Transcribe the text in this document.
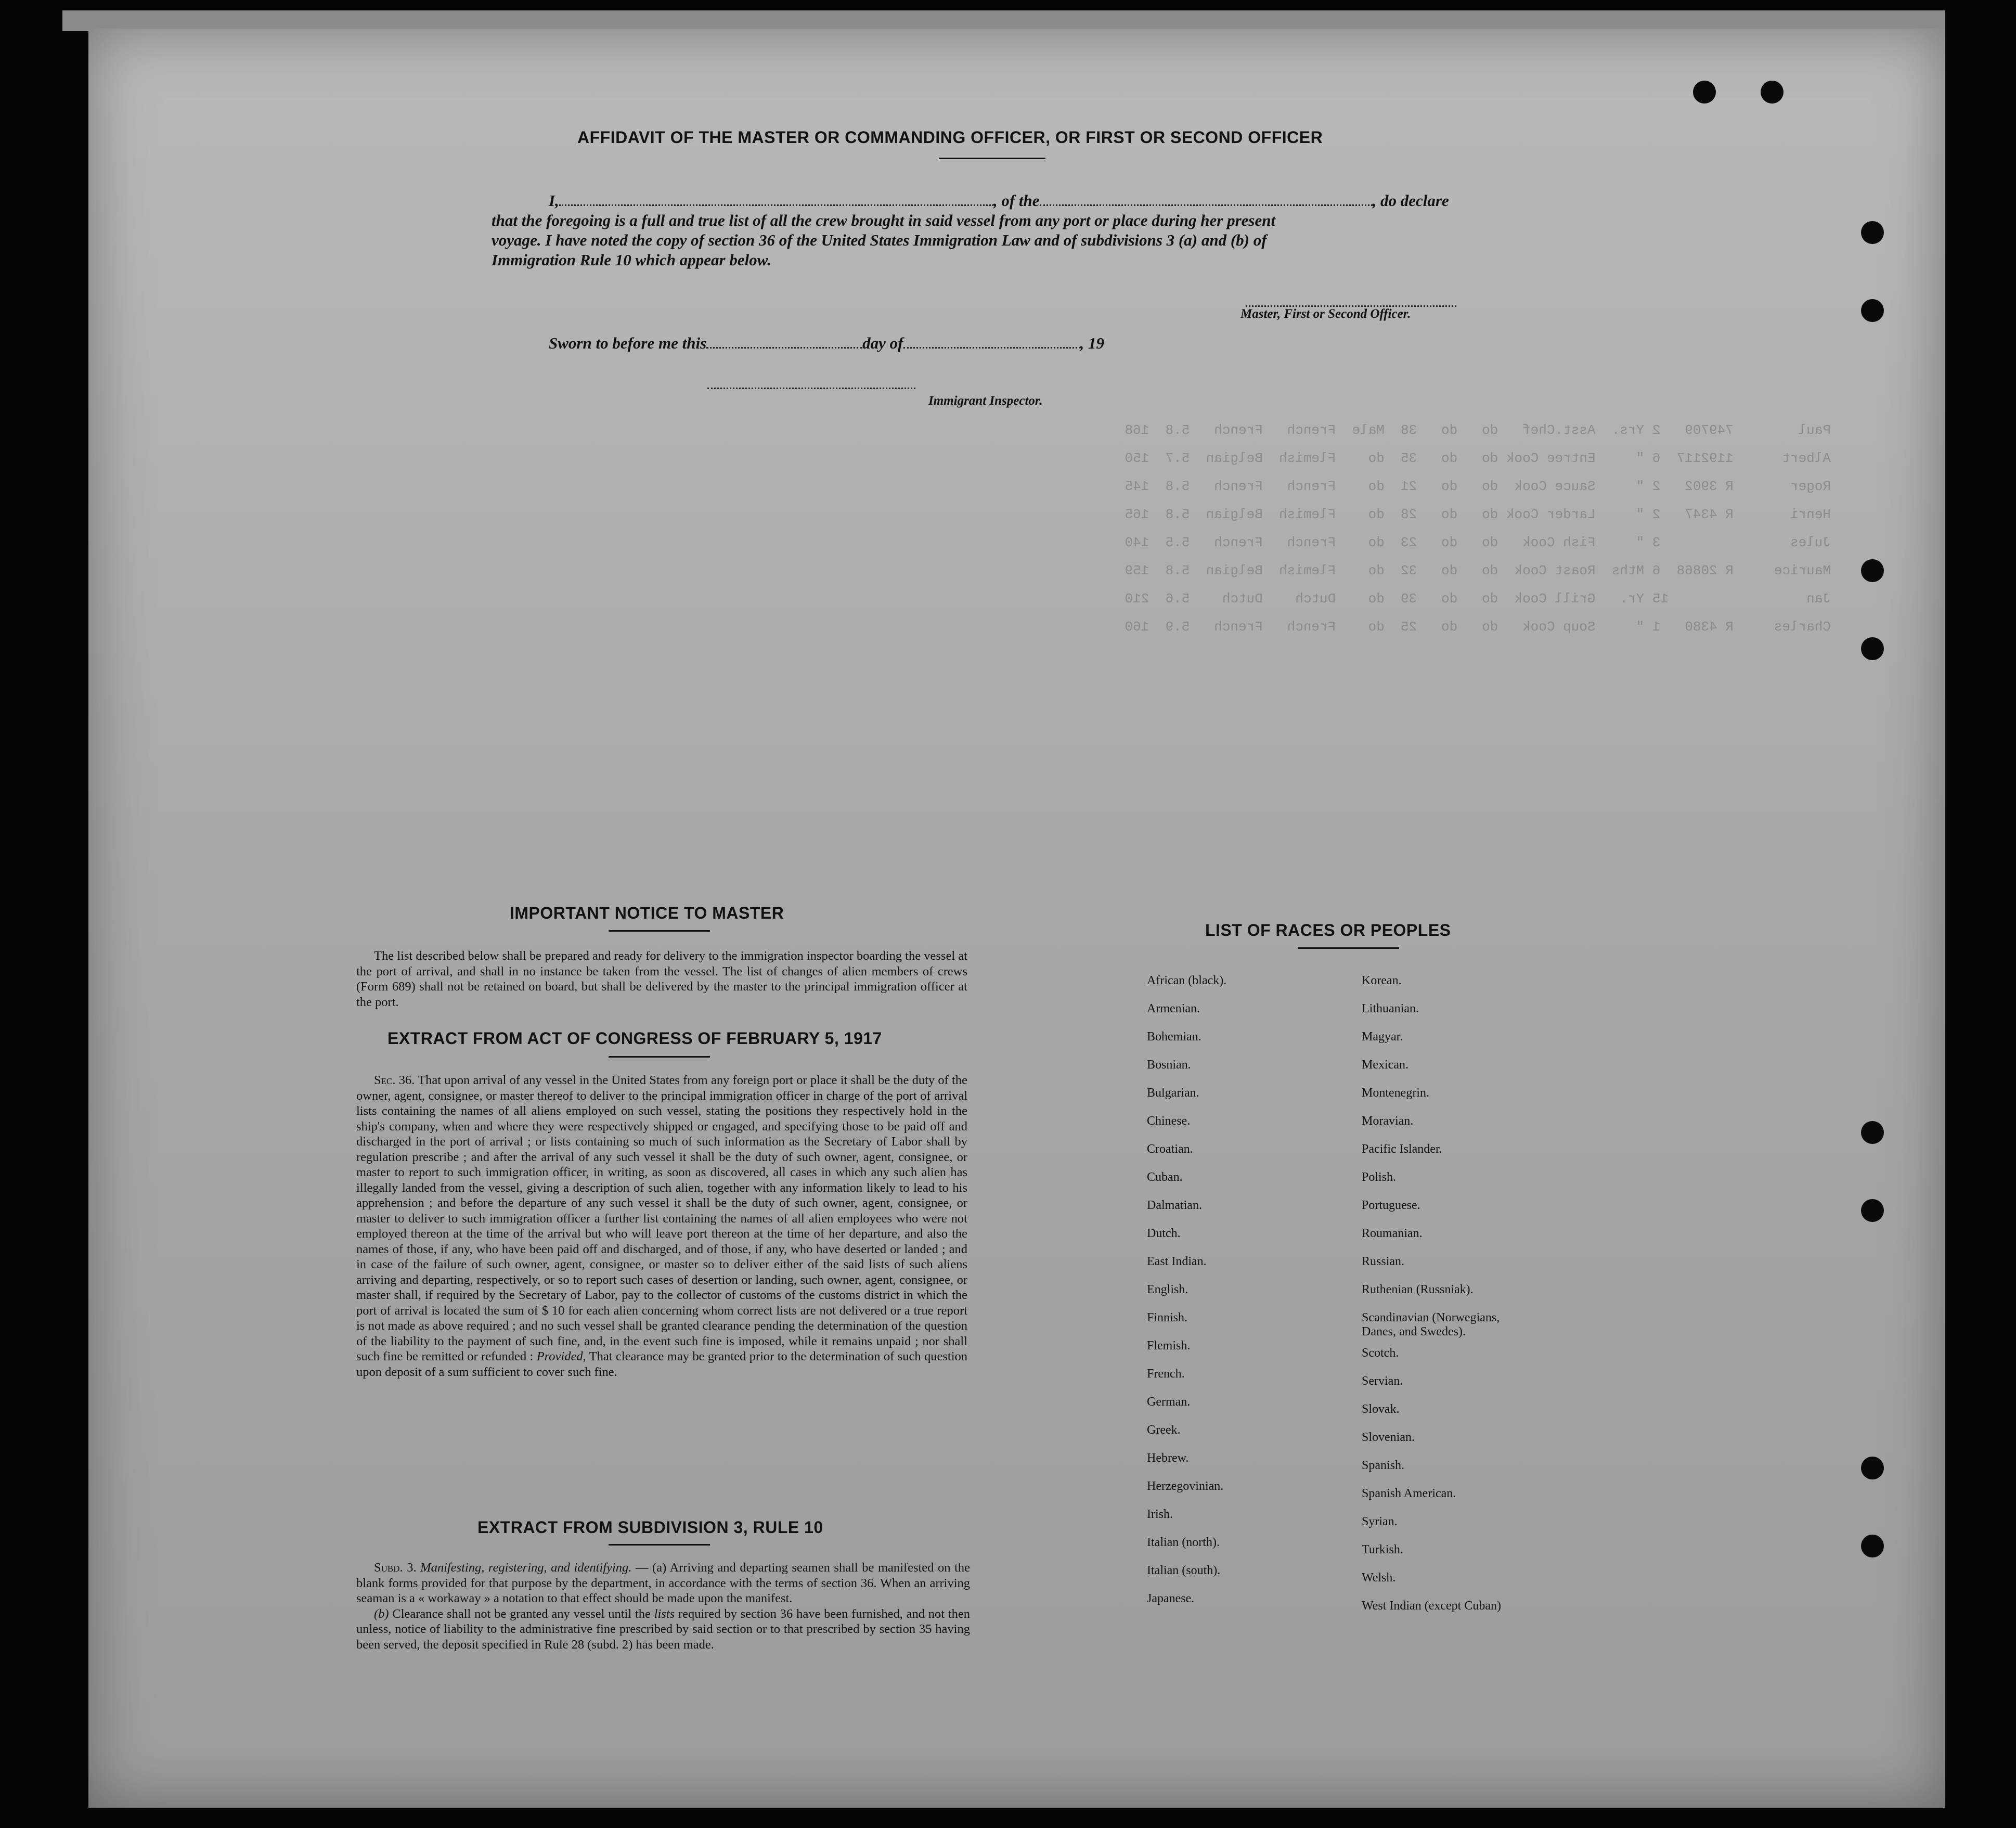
Paul        749709   2 Yrs.  Asst.Chef   do   do   38  Male  French   French   5.8  168
Albert      1192117  6 "     Entree Cook do   do   35  do    Flemish  Belgian  5.7  150
Roger       R 3902   2 "     Sauce Cook  do   do   21  do    French   French   5.8  145
Henri       R 4347   2 "     Larder Cook do   do   28  do    Flemish  Belgian  5.8  165
Jules                3 "     Fish Cook   do   do   23  do    French   French   5.5  140
Maurice     R 20868  6 Mths  Roast Cook  do   do   32  do    Flemish  Belgian  5.8  159
Jan                 15 Yr.   Grill Cook  do   do   39  do    Dutch    Dutch    5.6  210
Charles     R 4380   1 "     Soup Cook   do   do   25  do    French   French   5.9  160
AFFIDAVIT OF THE MASTER OR COMMANDING OFFICER, OR FIRST OR SECOND OFFICER
I,	, of the	, do declare
that the foregoing is a full and true list of all the crew brought in said vessel from any port or place during her present
voyage. I have noted the copy of section 36 of the United States Immigration Law and of subdivisions 3 (a) and (b) of
Immigration Rule 10 which appear below.
Master, First or Second Officer.
Sworn to before me this	day of	, 19
Immigrant Inspector.
IMPORTANT NOTICE TO MASTER
The list described below shall be prepared and ready for delivery to the immigration inspector boarding the vessel at the port of arrival, and shall in no instance be taken from the vessel. The list of changes of alien members of crews (Form 689) shall not be retained on board, but shall be delivered by the master to the principal immigration officer at the port.
EXTRACT FROM ACT OF CONGRESS OF FEBRUARY 5, 1917
Sec. 36. That upon arrival of any vessel in the United States from any foreign port or place it shall be the duty of the owner, agent, consignee, or master thereof to deliver to the principal immigration officer in charge of the port of arrival lists containing the names of all aliens employed on such vessel, stating the positions they respectively hold in the ship's company, when and where they were respectively shipped or engaged, and specifying those to be paid off and discharged in the port of arrival ; or lists containing so much of such information as the Secretary of Labor shall by regulation prescribe ; and after the arrival of any such vessel it shall be the duty of such owner, agent, consignee, or master to report to such immigration officer, in writing, as soon as discovered, all cases in which any such alien has illegally landed from the vessel, giving a description of such alien, together with any information likely to lead to his apprehension ; and before the departure of any such vessel it shall be the duty of such owner, agent, consignee, or master to deliver to such immigration officer a further list containing the names of all alien employees who were not employed thereon at the time of the arrival but who will leave port thereon at the time of her departure, and also the names of those, if any, who have been paid off and discharged, and of those, if any, who have deserted or landed ; and in case of the failure of such owner, agent, consignee, or master so to deliver either of the said lists of such aliens arriving and departing, respectively, or so to report such cases of desertion or landing, such owner, agent, consignee, or master shall, if required by the Secretary of Labor, pay to the collector of customs of the customs district in which the port of arrival is located the sum of $ 10 for each alien concerning whom correct lists are not delivered or a true report is not made as above required ; and no such vessel shall be granted clearance pending the determination of the question of the liability to the payment of such fine, and, in the event such fine is imposed, while it remains unpaid ; nor shall such fine be remitted or refunded : Provided, That clearance may be granted prior to the determination of such question upon deposit of a sum sufficient to cover such fine.
EXTRACT FROM SUBDIVISION 3, RULE 10

Subd. 3. Manifesting, registering, and identifying. — (a) Arriving and departing seamen shall be manifested on the blank forms provided for that purpose by the department, in accordance with the terms of section 36. When an arriving seaman is a « workaway » a notation to that effect should be made upon the manifest.

(b) Clearance shall not be granted any vessel until the lists required by section 36 have been furnished, and not then unless, notice of liability to the administrative fine prescribed by said section or to that prescribed by section 35 having been served, the deposit specified in Rule 28 (subd. 2) has been made.

LIST OF RACES OR PEOPLES
African (black).
Armenian.
Bohemian.
Bosnian.
Bulgarian.
Chinese.
Croatian.
Cuban.
Dalmatian.
Dutch.
East Indian.
English.
Finnish.
Flemish.
French.
German.
Greek.
Hebrew.
Herzegovinian.
Irish.
Italian (north).
Italian (south).
Japanese.
Korean.
Lithuanian.
Magyar.
Mexican.
Montenegrin.
Moravian.
Pacific Islander.
Polish.
Portuguese.
Roumanian.
Russian.
Ruthenian (Russniak).
Scandinavian (Norwegians,
Danes, and Swedes).
Scotch.
Servian.
Slovak.
Slovenian.
Spanish.
Spanish American.
Syrian.
Turkish.
Welsh.
West Indian (except Cuban)
